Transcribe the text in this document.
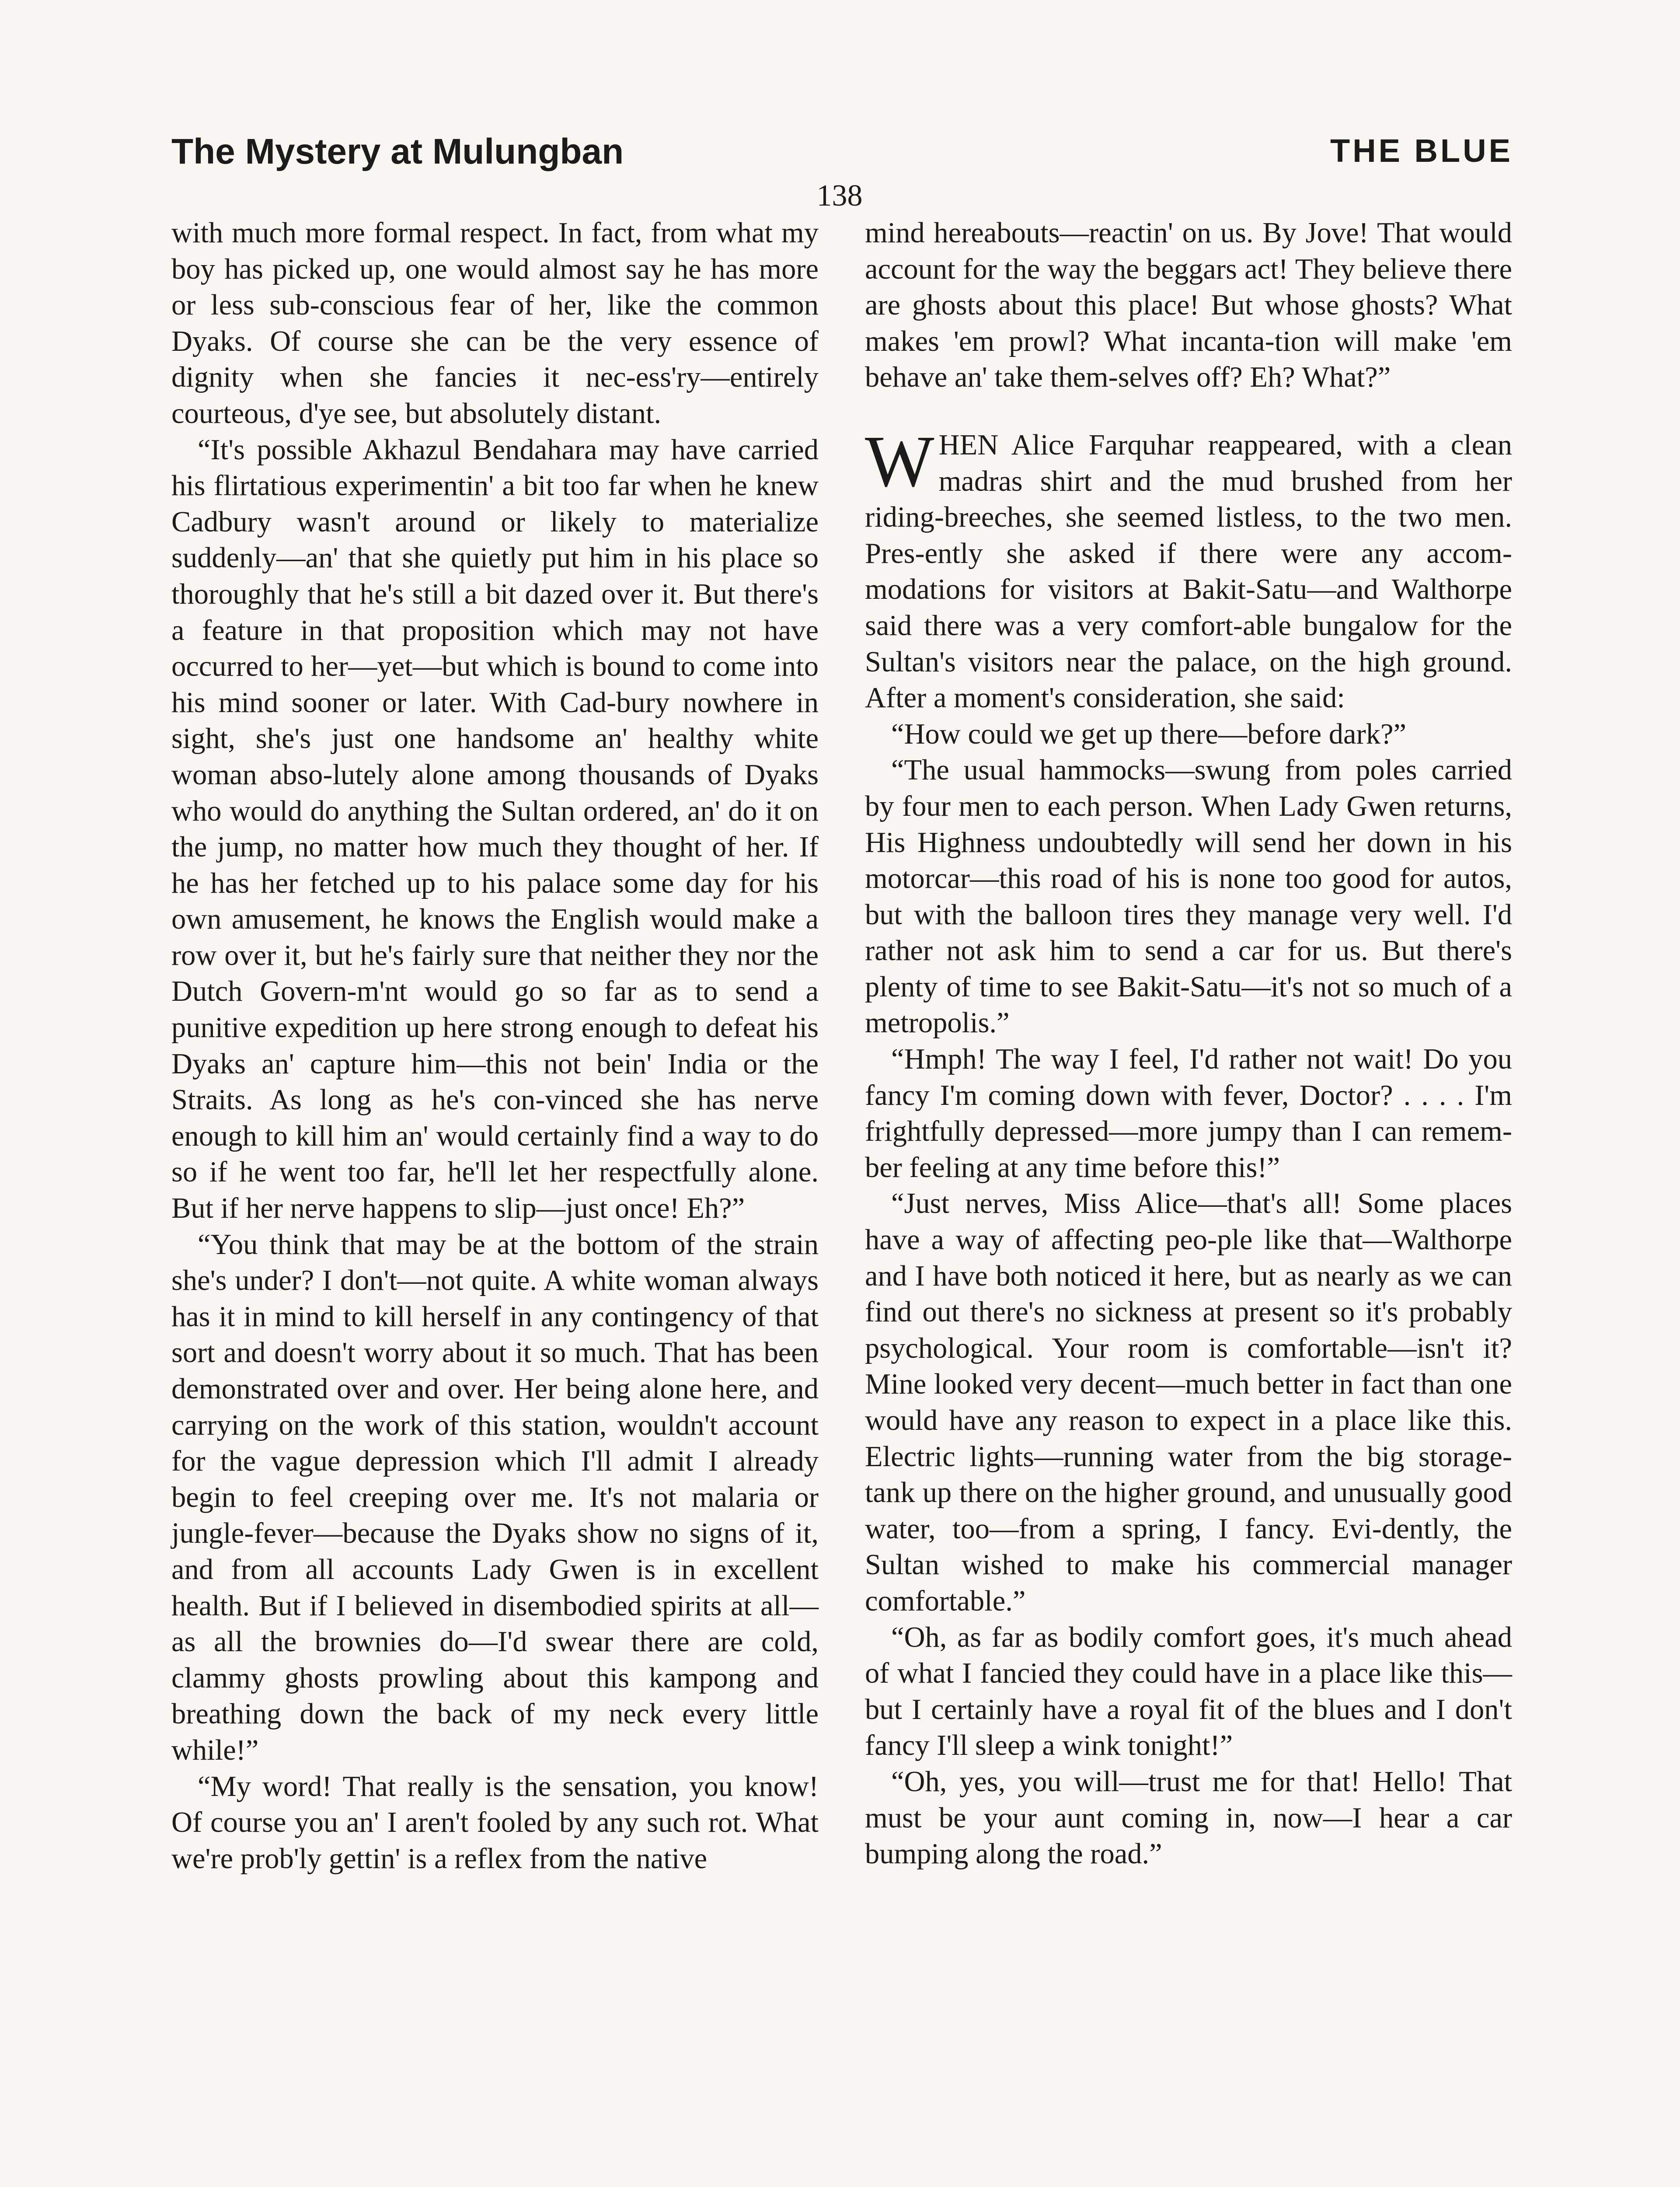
The Mystery at Mulungban	THE BLUE
138

with much more formal respect. In fact, from what my boy has picked up, one would almost say he has more or less sub-conscious fear of her, like the common Dyaks. Of course she can be the very essence of dignity when she fancies it nec-ess'ry—entirely courteous, d'ye see, but absolutely distant.

“It's possible Akhazul Bendahara may have carried his flirtatious experimentin' a bit too far when he knew Cadbury wasn't around or likely to materialize suddenly—an' that she quietly put him in his place so thoroughly that he's still a bit dazed over it. But there's a feature in that proposition which may not have occurred to her—yet—but which is bound to come into his mind sooner or later. With Cad-bury nowhere in sight, she's just one handsome an' healthy white woman abso-lutely alone among thousands of Dyaks who would do anything the Sultan ordered, an' do it on the jump, no matter how much they thought of her. If he has her fetched up to his palace some day for his own amusement, he knows the English would make a row over it, but he's fairly sure that neither they nor the Dutch Govern-m'nt would go so far as to send a punitive expedition up here strong enough to defeat his Dyaks an' capture him—this not bein' India or the Straits. As long as he's con-vinced she has nerve enough to kill him an' would certainly find a way to do so if he went too far, he'll let her respectfully alone. But if her nerve happens to slip—just once! Eh?”

“You think that may be at the bottom of the strain she's under? I don't—not quite. A white woman always has it in mind to kill herself in any contingency of that sort and doesn't worry about it so much. That has been demonstrated over and over. Her being alone here, and carrying on the work of this station, wouldn't account for the vague depression which I'll admit I already begin to feel creeping over me. It's not malaria or jungle-fever—because the Dyaks show no signs of it, and from all accounts Lady Gwen is in excellent health. But if I believed in disembodied spirits at all—as all the brownies do—I'd swear there are cold, clammy ghosts prowling about this kampong and breathing down the back of my neck every little while!”

“My word! That really is the sensation, you know! Of course you an' I aren't fooled by any such rot. What we're prob'ly gettin' is a reflex from the native

mind hereabouts—reactin' on us. By Jove! That would account for the way the beggars act! They believe there are ghosts about this place! But whose ghosts? What makes 'em prowl? What incanta-tion will make 'em behave an' take them-selves off? Eh? What?”

WHEN Alice Farquhar reappeared, with a clean madras shirt and the mud brushed from her riding-breeches, she seemed listless, to the two men. Pres-ently she asked if there were any accom-modations for visitors at Bakit-Satu—and Walthorpe said there was a very comfort-able bungalow for the Sultan's visitors near the palace, on the high ground. After a moment's consideration, she said:

“How could we get up there—before dark?”

“The usual hammocks—swung from poles carried by four men to each person. When Lady Gwen returns, His Highness undoubtedly will send her down in his motorcar—this road of his is none too good for autos, but with the balloon tires they manage very well. I'd rather not ask him to send a car for us. But there's plenty of time to see Bakit-Satu—it's not so much of a metropolis.”

“Hmph! The way I feel, I'd rather not wait! Do you fancy I'm coming down with fever, Doctor? . . . . I'm frightfully depressed—more jumpy than I can remem-ber feeling at any time before this!”

“Just nerves, Miss Alice—that's all! Some places have a way of affecting peo-ple like that—Walthorpe and I have both noticed it here, but as nearly as we can find out there's no sickness at present so it's probably psychological. Your room is comfortable—isn't it? Mine looked very decent—much better in fact than one would have any reason to expect in a place like this. Electric lights—running water from the big storage-tank up there on the higher ground, and unusually good water, too—from a spring, I fancy. Evi-dently, the Sultan wished to make his commercial manager comfortable.”

“Oh, as far as bodily comfort goes, it's much ahead of what I fancied they could have in a place like this—but I certainly have a royal fit of the blues and I don't fancy I'll sleep a wink tonight!”

“Oh, yes, you will—trust me for that! Hello! That must be your aunt coming in, now—I hear a car bumping along the road.”
